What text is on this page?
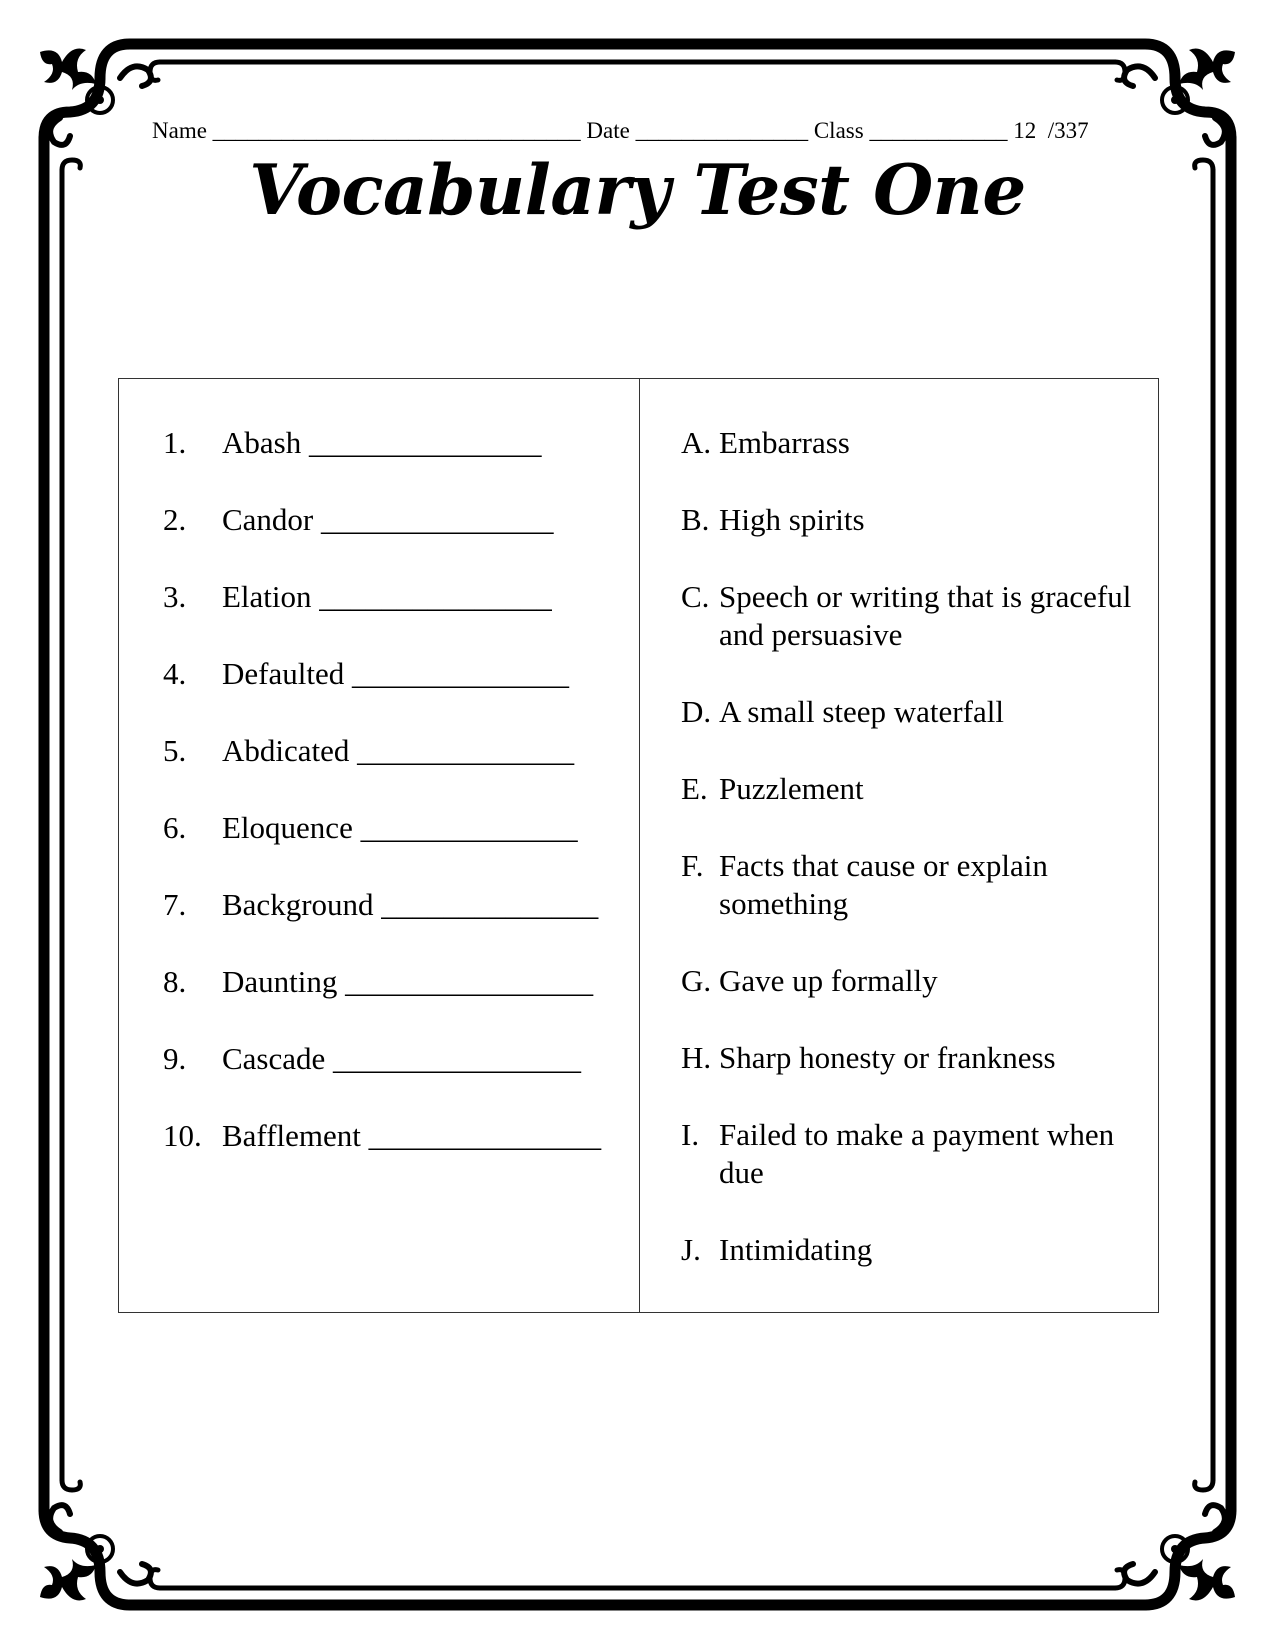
Name ________________________________ Date _______________ Class ____________ 12 /337
Vocabulary Test One
1. Abash _______________
2. Candor _______________
3. Elation _______________
4. Defaulted ______________
5. Abdicated ______________
6. Eloquence ______________
7. Background ______________
8. Daunting ________________
9. Cascade ________________
10. Bafflement _______________
A. Embarrass
B. High spirits
C. Speech or writing that is graceful and persuasive
D. A small steep waterfall
E. Puzzlement
F. Facts that cause or explain something
G. Gave up formally
H. Sharp honesty or frankness
I. Failed to make a payment when due
J. Intimidating
